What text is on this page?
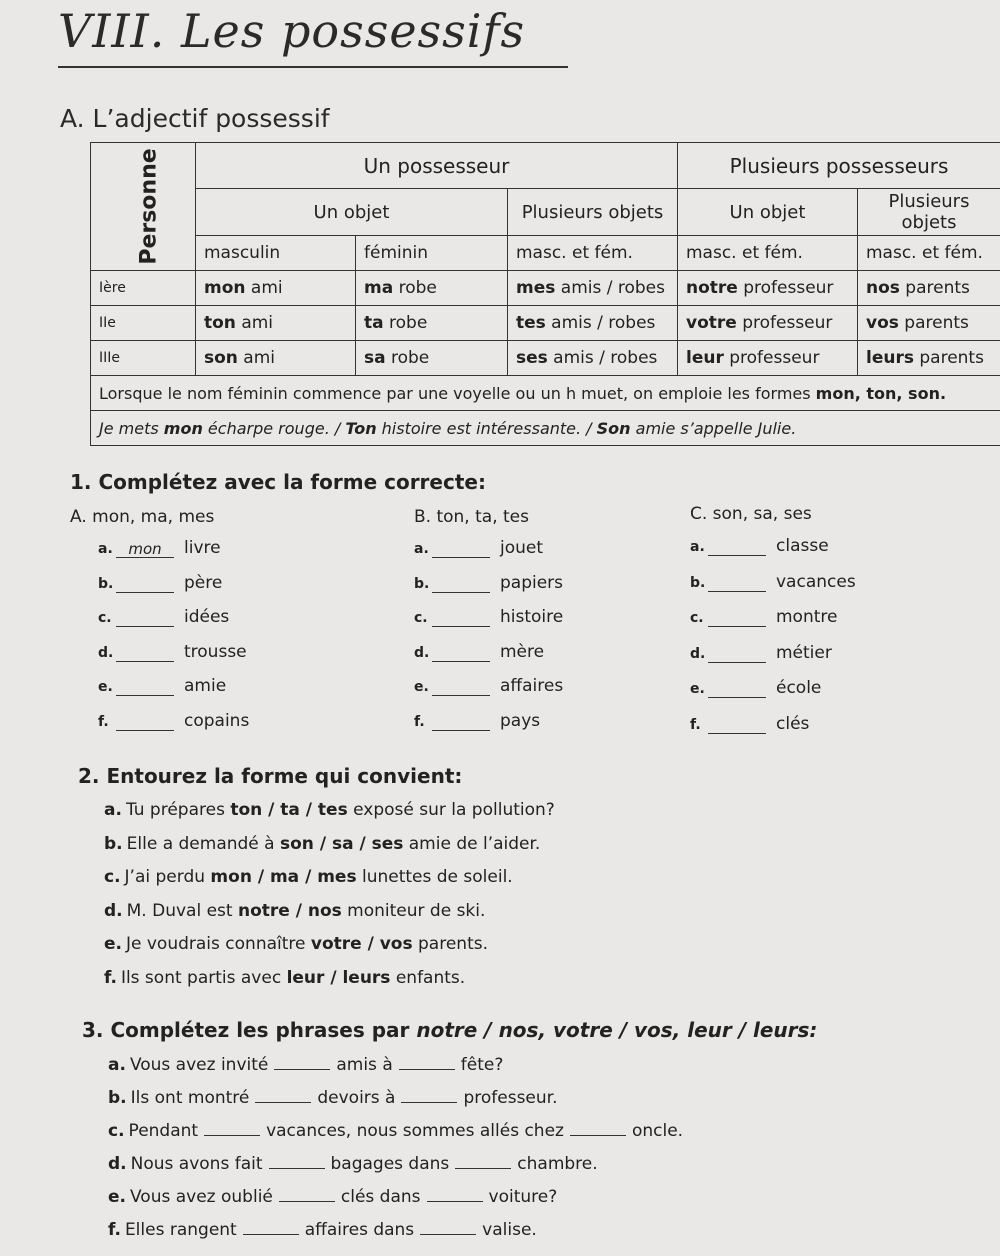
VIII. Les possessifs
A. L’adjectif possessif
Personne	Un possesseur			Plusieurs possesseurs	
	Un objet		Plusieurs objets	Un objet	Plusieurs objets
	masculin	féminin	masc. et fém.	masc. et fém.	masc. et fém.
Ière	mon ami	ma robe	mes amis / robes	notre professeur	nos parents
IIe	ton ami	ta robe	tes amis / robes	votre professeur	vos parents
IIIe	son ami	sa robe	ses amis / robes	leur professeur	leurs parents
Lorsque le nom féminin commence par une voyelle ou un h muet, on emploie les formes mon, ton, son.					
Je mets mon écharpe rouge. / Ton histoire est intéressante. / Son amie s’appelle Julie.					
1. Complétez avec la forme correcte:
A. mon, ma, mes	B. ton, ta, tes	C. son, sa, ses
a. mon livre
b.	père
c.	idées
d.	trousse
e.	amie
f.	copains
a.	jouet
b.	papiers
c.	histoire
d.	mère
e.	affaires
f.	pays
a.	classe
b.	vacances
c.	montre
d.	métier
e.	école
f.	clés
2. Entourez la forme qui convient:
a. Tu prépares ton / ta / tes exposé sur la pollution?
b. Elle a demandé à son / sa / ses amie de l’aider.
c. J’ai perdu mon / ma / mes lunettes de soleil.
d. M. Duval est notre / nos moniteur de ski.
e. Je voudrais connaître votre / vos parents.
f. Ils sont partis avec leur / leurs enfants.
3. Complétez les phrases par notre / nos, votre / vos, leur / leurs:
a. Vous avez invité	amis à	fête?
b. Ils ont montré	devoirs à	professeur.
c. Pendant	vacances, nous sommes allés chez	oncle.
d. Nous avons fait	bagages dans	chambre.
e. Vous avez oublié	clés dans	voiture?
f. Elles rangent	affaires dans	valise.
